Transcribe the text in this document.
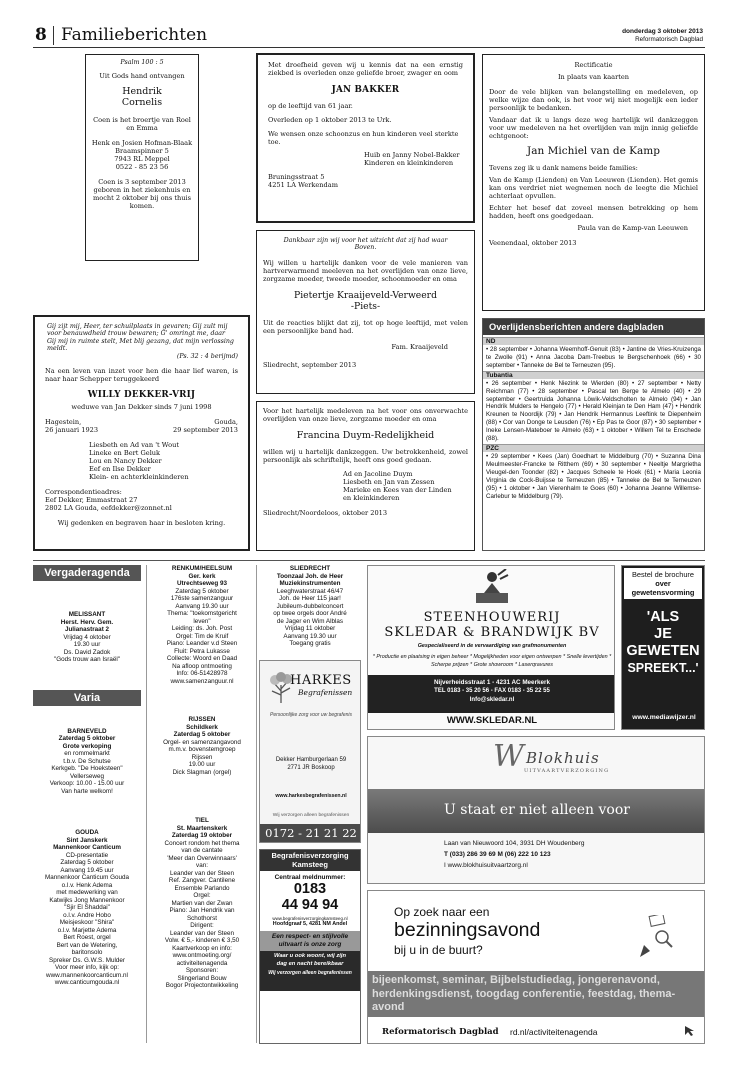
8 Familieberichten	donderdag 3 oktober 2013
Reformatorisch Dagblad
Psalm 100 : 5
Uit Gods hand ontvangen
Hendrik
Cornelis
Coen is het broertje van Roel en Emma
Henk en Josien Hofman-Blaak
Braamspinner 5
7943 RL Meppel
0522 - 85 23 56
Coen is 3 september 2013 geboren in het ziekenhuis en mocht 2 oktober bij ons thuis komen.
Met droefheid geven wij u kennis dat na een ernstig ziekbed is overleden onze geliefde broer, zwager en oom
JAN BAKKER
op de leeftijd van 61 jaar.
Overleden op 1 oktober 2013 te Urk.
We wensen onze schoonzus en hun kinderen veel sterkte toe.
Huib en Janny Nobel-Bakker
Kinderen en kleinkinderen
Bruningsstraat 5
4251 LA Werkendam
Rectificatie
In plaats van kaarten
Door de vele blijken van belangstelling en medeleven, op welke wijze dan ook, is het voor wij niet mogelijk een ieder persoonlijk te bedanken.
Vandaar dat ik u langs deze weg hartelijk wil dankzeggen voor uw medeleven na het overlijden van mijn innig geliefde echtgenoot:
Jan Michiel van de Kamp
Tevens zeg ik u dank namens beide families:
Van de Kamp (Lienden) en Van Leeuwen (Lienden). Het gemis kan ons verdriet niet wegnemen noch de leegte die Michiel achterlaat opvullen.
Echter het besef dat zoveel mensen betrekking op hem hadden, heeft ons goedgedaan.
Paula van de Kamp-van Leeuwen
Veenendaal, oktober 2013
Dankbaar zijn wij voor het uitzicht dat zij had waar Boven.
Wij willen u hartelijk danken voor de vele manieren van hartverwarmend meeleven na het overlijden van onze lieve, zorgzame moeder, tweede moeder, schoonmoeder en oma
Pietertje Kraaijeveld-Verweerd
-Piets-
Uit de reacties blijkt dat zij, tot op hoge leeftijd, met velen een persoonlijke band had.
Fam. Kraaijeveld
Sliedrecht, september 2013
Gij zijt mij, Heer, ter schuilplaats in gevaren; Gij zult mij voor benauwdheid trouw bewaren; G' omringt me, daar Gij mij in ruimte stelt, Met blij gezang, dat mijn verlossing meldt.
(Ps. 32 : 4 berijmd)
Na een leven van inzet voor hen die haar lief waren, is naar haar Schepper teruggekeerd
WILLY DEKKER-VRIJ
weduwe van Jan Dekker sinds 7 juni 1998
Hagestein,
26 januari 1923
Gouda,
29 september 2013
Liesbeth en Ad van 't Wout
Lineke en Bert Geluk
Lou en Nancy Dekker
Eef en Ilse Dekker
Klein- en achterkleinkinderen
Correspondentieadres:
Eef Dekker, Emmastraat 27
2802 LA Gouda, eefdekker@zonnet.nl
Wij gedenken en begraven haar in besloten kring.
Voor het hartelijk medeleven na het voor ons onverwachte overlijden van onze lieve, zorgzame moeder en oma
Francina Duym-Redelijkheid
willen wij u hartelijk dankzeggen. Uw betrokkenheid, zowel persoonlijk als schriftelijk, heeft ons goed gedaan.
Ad en Jacoline Duym
Liesbeth en Jan van Zessen
Marieke en Kees van der Linden
en kleinkinderen
Sliedrecht/Noordeloos, oktober 2013
Overlijdensberichten andere dagbladen
ND
• 28 september • Johanna Weemhoff-Genuit (83) • Jantine de Vries-Kruizenga te Zwolle (91) • Anna Jacoba Dam-Treebus te Bergschenhoek (66) • 30 september • Tanneke de Bel te Terneuzen (95).
Tubantia
• 26 september • Henk Niezink te Wierden (80) • 27 september • Netty Reichman (77) • 28 september • Pascal ten Berge te Almelo (40) • 29 september • Geertruida Johanna Löwik-Veldscholten te Almelo (94) • Jan Hendrik Mulders te Hengelo (77) • Herald Kleinjan te Den Ham (47) • Hendrik Kreunen te Noordijk (79) • Jan Hendrik Hermannus Leeftink te Diepenheim (88) • Cor van Donge te Leusden (76) • Ep Pas te Goor (87) • 30 september • Ineke Lensen-Mateboer te Almelo (63) • 1 oktober • Willem Tel te Enschede (88).
PZC
• 29 september • Kees (Jan) Goedhart te Middelburg (70) • Suzanna Dina Meulmeester-Francke te Ritthem (69) • 30 september • Neeltje Margrietha Vieugel-den Toonder (82) • Jacques Scheele te Hoek (61) • Maria Leonia Virginia de Cock-Buijsse te Terneuzen (85) • Tanneke de Bel te Terneuzen (95) • 1 oktober • Jan Vierenhalm te Goes (60) • Johanna Jeanne Willemse-Carlebur te Middelburg (79).
Vergaderagenda
MELISSANT
Herst. Herv. Gem.
Julianastraat 2
Vrijdag 4 oktober
19.30 uur
Ds. David Zadok
"Gods trouw aan Israël"
Varia
BARNEVELD
Zaterdag 5 oktober
Grote verkoping
en rommelmarkt
t.b.v. De Schutse
Kerkgeb. "De Hoeksteen"
Vellerseweg
Verkoop: 10.00 - 15.00 uur
Van harte welkom!
GOUDA
Sint Janskerk
Mannenkoor Canticum
CD-presentatie
Zaterdag 5 oktober
Aanvang 19.45 uur
Mannenkoor Canticum Gouda
o.l.v. Henk Adema
met medewerking van
Katwijks Jong Mannenkoor
"Sjir El Shaddai"
o.l.v. Andre Hobo
Meisjeskoor "Shira"
o.l.v. Marjette Adema
Bert Roest, orgel
Bert van de Wetering,
baritonsolo
Spreker Ds. G.W.S. Mulder
Voor meer info, kijk op:
www.mannenkoorcanticum.nl
www.canticumgouda.nl
RENKUM/HEELSUM
Ger. kerk
Utrechtseweg 93
Zaterdag 5 oktober
176ste samenzanguur
Aanvang 19.30 uur
Thema: "toekomstgericht
leven"
Leiding: ds. Joh. Post
Orgel: Tim de Kruif
Piano: Leander v.d Steen
Fluit: Petra Lukasse
Collecte: Woord en Daad
Na afloop ontmoeting
Info: 06-51428978
www.samenzanguur.nl
RIJSSEN
Schildkerk
Zaterdag 5 oktober
Orgel- en samenzangavond
m.m.v. bovenstemgroep
Rijssen
19.00 uur
Dick Slagman (orgel)
TIEL
St. Maartenskerk
Zaterdag 19 oktober
Concert rondom het thema
van de cantate
'Meer dan Overwinnaars'
van:
Leander van der Steen
Ref. Zangver. Cantilene
Ensemble Parlando
Orgel:
Martien van der Zwan
Piano: Jan Hendrik van
Schothorst
Dirigent:
Leander van der Steen
Volw. € 5,- kinderen € 3,50
Kaartverkoop en info:
www.ontmoeting.org/
activiteitenagenda
Sponsoren:
Slingerland Bouw
Bogor Projectontwikkeling
SLIEDRECHT
Toonzaal Joh. de Heer
Muziekinstrumenten
Leeghwaterstraat 46/47
Joh. de Heer 115 jaar!
Jubileum-dubbelconcert
op twee orgels door André
de Jager en Wim Alblas
Vrijdag 11 oktober
Aanvang 19.30 uur
Toegang gratis
HARKES
Begrafenissen
Persoonlijke zorg voor uw begrafenis
Dekker Hamburgerlaan 59
2771 JR Boskoop
www.harkesbegrafenissen.nl
Wij verzorgen alleen begrafenissen
0172 - 21 21 22
STEENHOUWERIJ
SKLEDAR & BRANDWIJK BV
Gespecialiseerd in de vervaardiging van grafmonumenten
* Productie en plaatsing in eigen beheer * Mogelijkheden voor eigen ontwerpen * Snelle levertijden * Scherpe prijzen * Grote showroom * Laserqravures
Nijverheidsstraat 1 - 4231 AC Meerkerk
TEL 0183 - 35 20 56 - FAX 0183 - 35 22 55
Info@skledar.nl
WWW.SKLEDAR.NL
Bestel de brochure
over gewetensvorming
'ALS
JE
GEWETEN
SPREEKT...'
www.mediawijzer.nl
W Blokhuis
UITVAARTVERZORGING
U staat er niet alleen voor
Laan van Nieuwoord 104, 3931 DH Woudenberg
T (033) 286 39 69 M (06) 222 10 123
I www.blokhuisuitvaartzorg.nl
Begrafenisverzorging
Kamsteeg
Centraal meldnummer:
0183
44 94 94
www.begrafenisverzorgingkamsteeg.nl
Hoofdgraaf 5, 4281 NM Andel
Een respect- en stijlvolle
uitvaart is onze zorg
Waar u ook woont, wij zijn
dag en nacht bereikbaar
Wij verzorgen alleen begrafenissen
Op zoek naar een
bezinningsavond
bij u in de buurt?
bijeenkomst, seminar, Bijbelstudiedag, jongerenavond, herdenkingsdienst, toogdag conferentie, feestdag, thema-avond
Reformatorisch Dagblad rd.nl/activiteitenagenda
